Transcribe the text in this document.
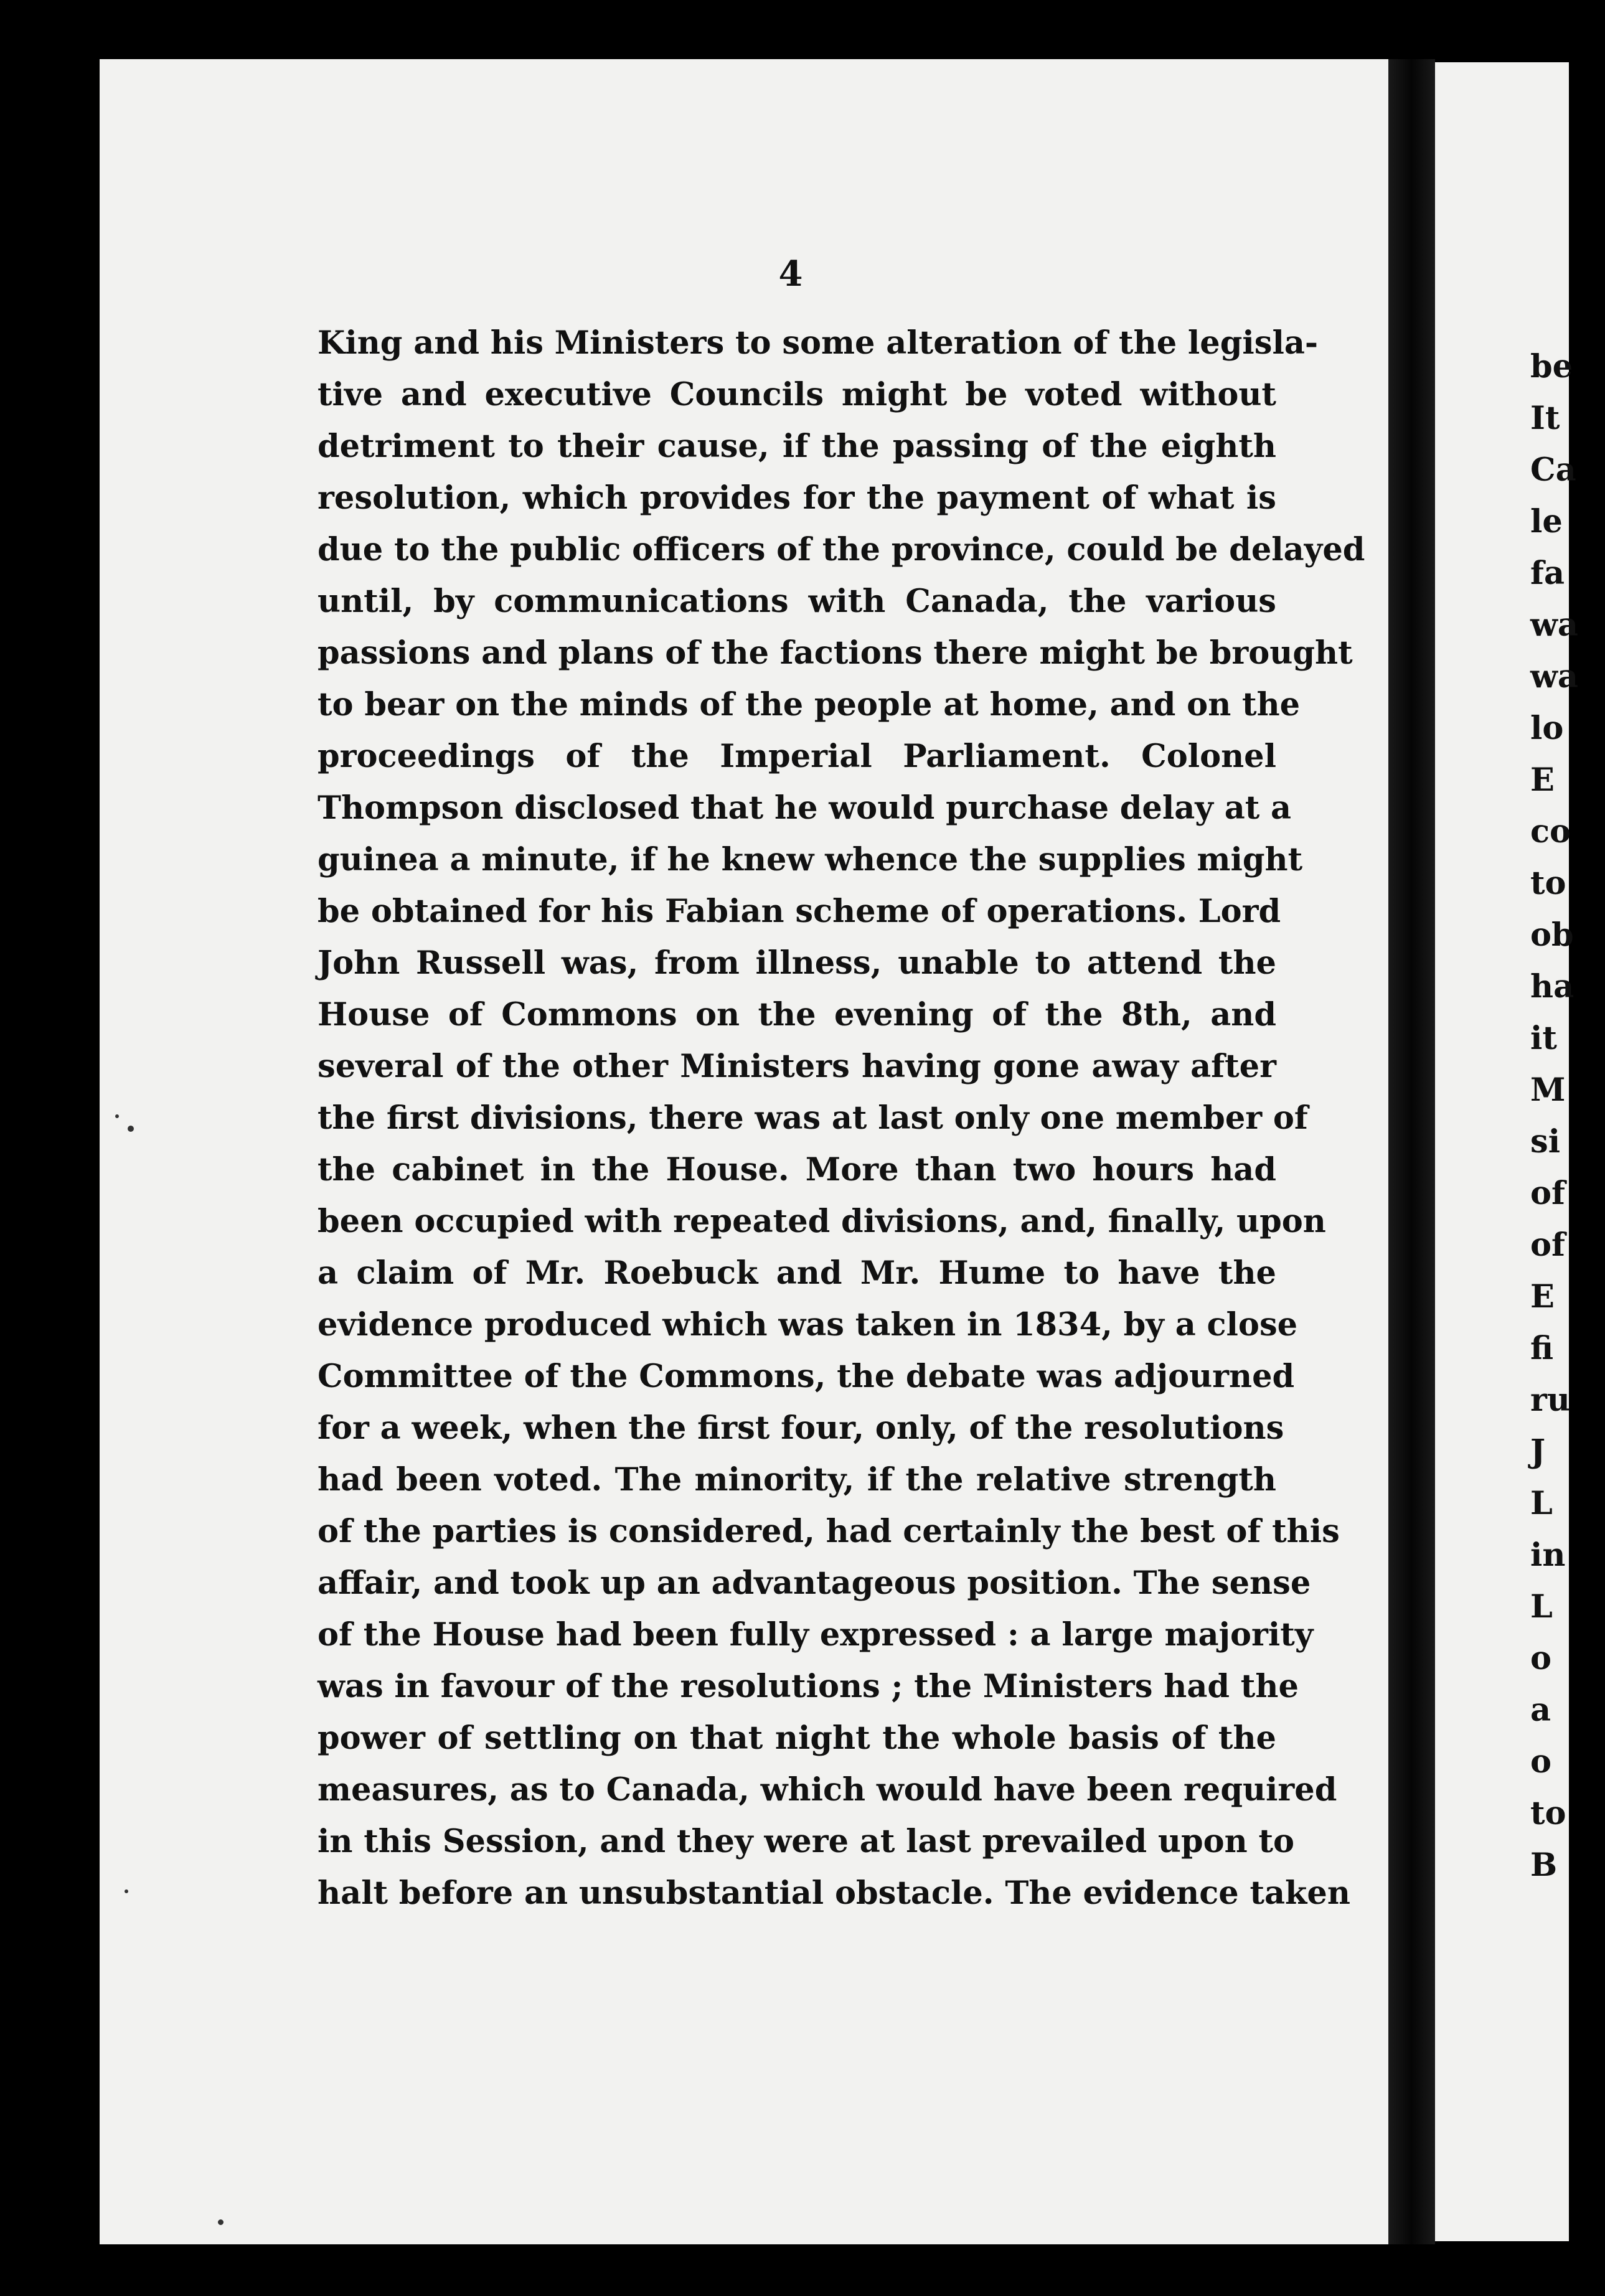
4
King and his Ministers to some alteration of the legisla-
tive and executive Councils might be voted without
detriment to their cause, if the passing of the eighth
resolution, which provides for the payment of what is
due to the public officers of the province, could be delayed
until, by communications with Canada, the various
passions and plans of the factions there might be brought
to bear on the minds of the people at home, and on the
proceedings of the Imperial Parliament. Colonel
Thompson disclosed that he would purchase delay at a
guinea a minute, if he knew whence the supplies might
be obtained for his Fabian scheme of operations. Lord
John Russell was, from illness, unable to attend the
House of Commons on the evening of the 8th, and
several of the other Ministers having gone away after
the first divisions, there was at last only one member of
the cabinet in the House. More than two hours had
been occupied with repeated divisions, and, finally, upon
a claim of Mr. Roebuck and Mr. Hume to have the
evidence produced which was taken in 1834, by a close
Committee of the Commons, the debate was adjourned
for a week, when the first four, only, of the resolutions
had been voted. The minority, if the relative strength
of the parties is considered, had certainly the best of this
affair, and took up an advantageous position. The sense
of the House had been fully expressed : a large majority
was in favour of the resolutions ; the Ministers had the
power of settling on that night the whole basis of the
measures, as to Canada, which would have been required
in this Session, and they were at last prevailed upon to
halt before an unsubstantial obstacle. The evidence taken
be
It
Ca
le
fa
wa
wa
lo
E
co
to
ob
ha
it
M
si
of
of
E
fi
ru
J
L
in
L
o
a
o
to
B
